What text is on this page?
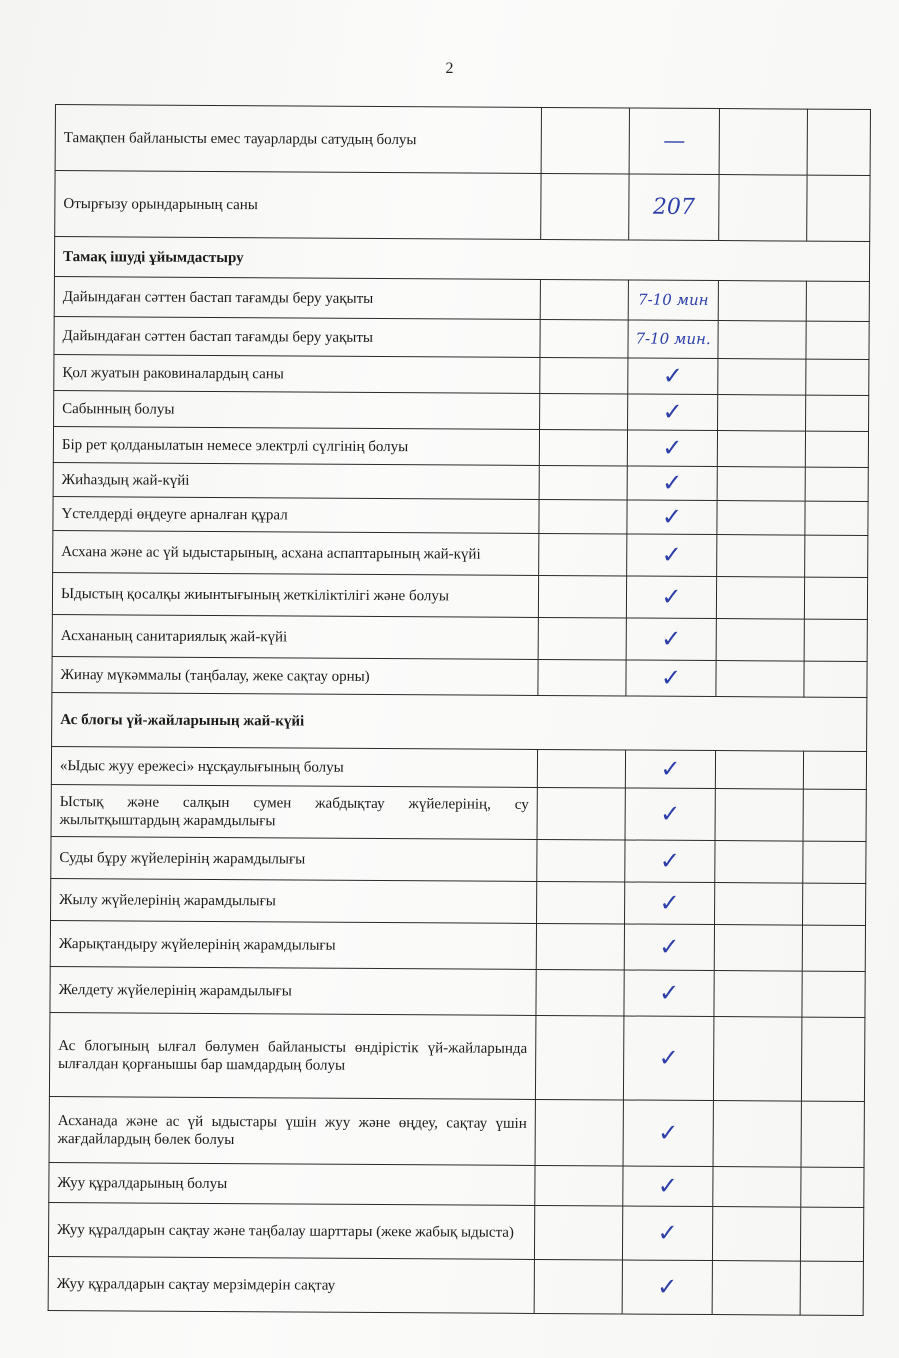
2
Тамақпен байланысты емес тауарларды сатудың болуы		—		
Отырғызу орындарының саны		207		
Тамақ ішуді ұйымдастыру				
Дайындаған сәттен бастап тағамды беру уақыты		7-10 мин		
Дайындаған сәттен бастап тағамды беру уақыты		7-10 мин.		
Қол жуатын раковиналардың саны		✓		
Сабынның болуы		✓		
Бір рет қолданылатын немесе электрлі сүлгінің болуы		✓		
Жиһаздың жай-күйі		✓		
Үстелдерді өңдеуге арналған құрал		✓		
Асхана және ас үй ыдыстарының, асхана аспаптарының жай-күйі		✓		
Ыдыстың қосалқы жиынтығының жеткіліктілігі және болуы		✓		
Асхананың санитариялық жай-күйі		✓		
Жинау мүкәммалы (таңбалау, жеке сақтау орны)		✓		
Ас блогы үй-жайларының жай-күйі				
«Ыдыс жуу ережесі» нұсқаулығының болуы		✓		
Ыстық және салқын сумен жабдықтау жүйелерінің, су жылытқыштардың жарамдылығы		✓		
Суды бұру жүйелерінің жарамдылығы		✓		
Жылу жүйелерінің жарамдылығы		✓		
Жарықтандыру жүйелерінің жарамдылығы		✓		
Желдету жүйелерінің жарамдылығы		✓		
Ас блогының ылғал бөлумен байланысты өндірістік үй-жайларында ылғалдан қорғанышы бар шамдардың болуы		✓		
Асханада және ас үй ыдыстары үшін жуу және өңдеу, сақтау үшін жағдайлардың бөлек болуы		✓		
Жуу құралдарының болуы		✓		
Жуу құралдарын сақтау және таңбалау шарттары (жеке жабық ыдыста)		✓		
Жуу құралдарын сақтау мерзімдерін сақтау		✓		
